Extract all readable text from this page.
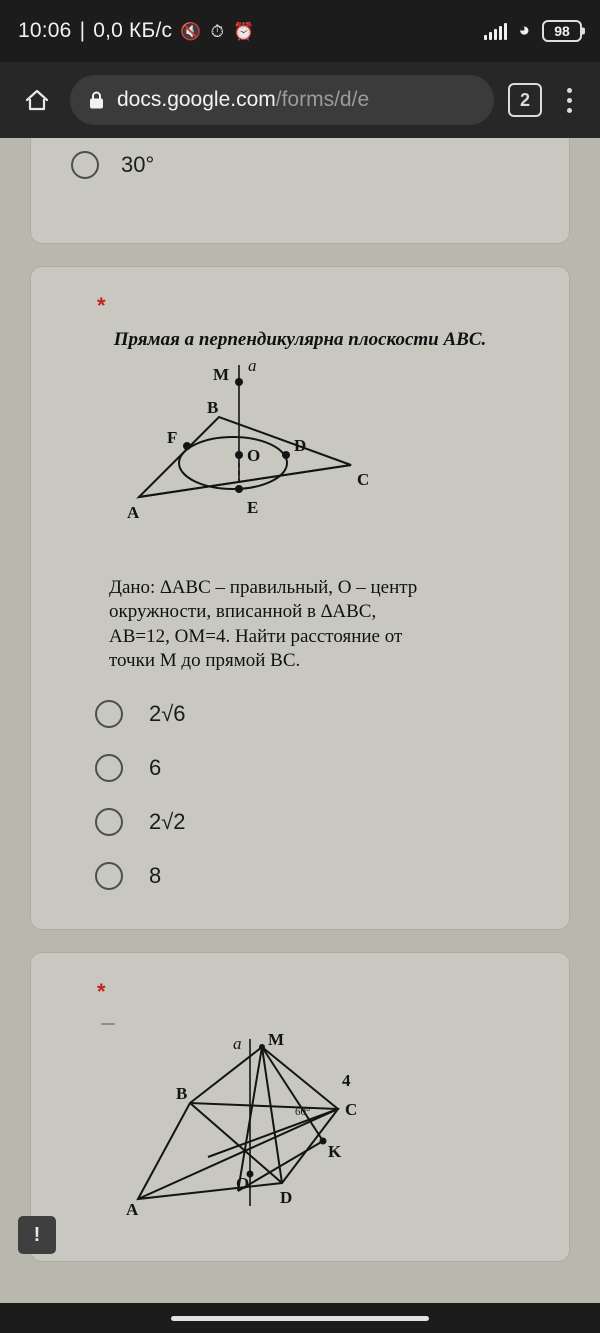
10:06 | 0,0 КБ/с 🔇 ⏱ ⏰	◕	98
docs.google.com/forms/d/e	2
30°
*
Прямая a перпендикулярна плоскости ABC.
a
M
B
F
O
D
A	E
C
Дано: ∆ABC – правильный, O – центр
окружности, вписанной в ∆ABC,
AB=12, OM=4. Найти расстояние от
точки M до прямой BC.
2√6
6
2√2
8
*
a M
4
60° C
B
K
O
A
D
!
